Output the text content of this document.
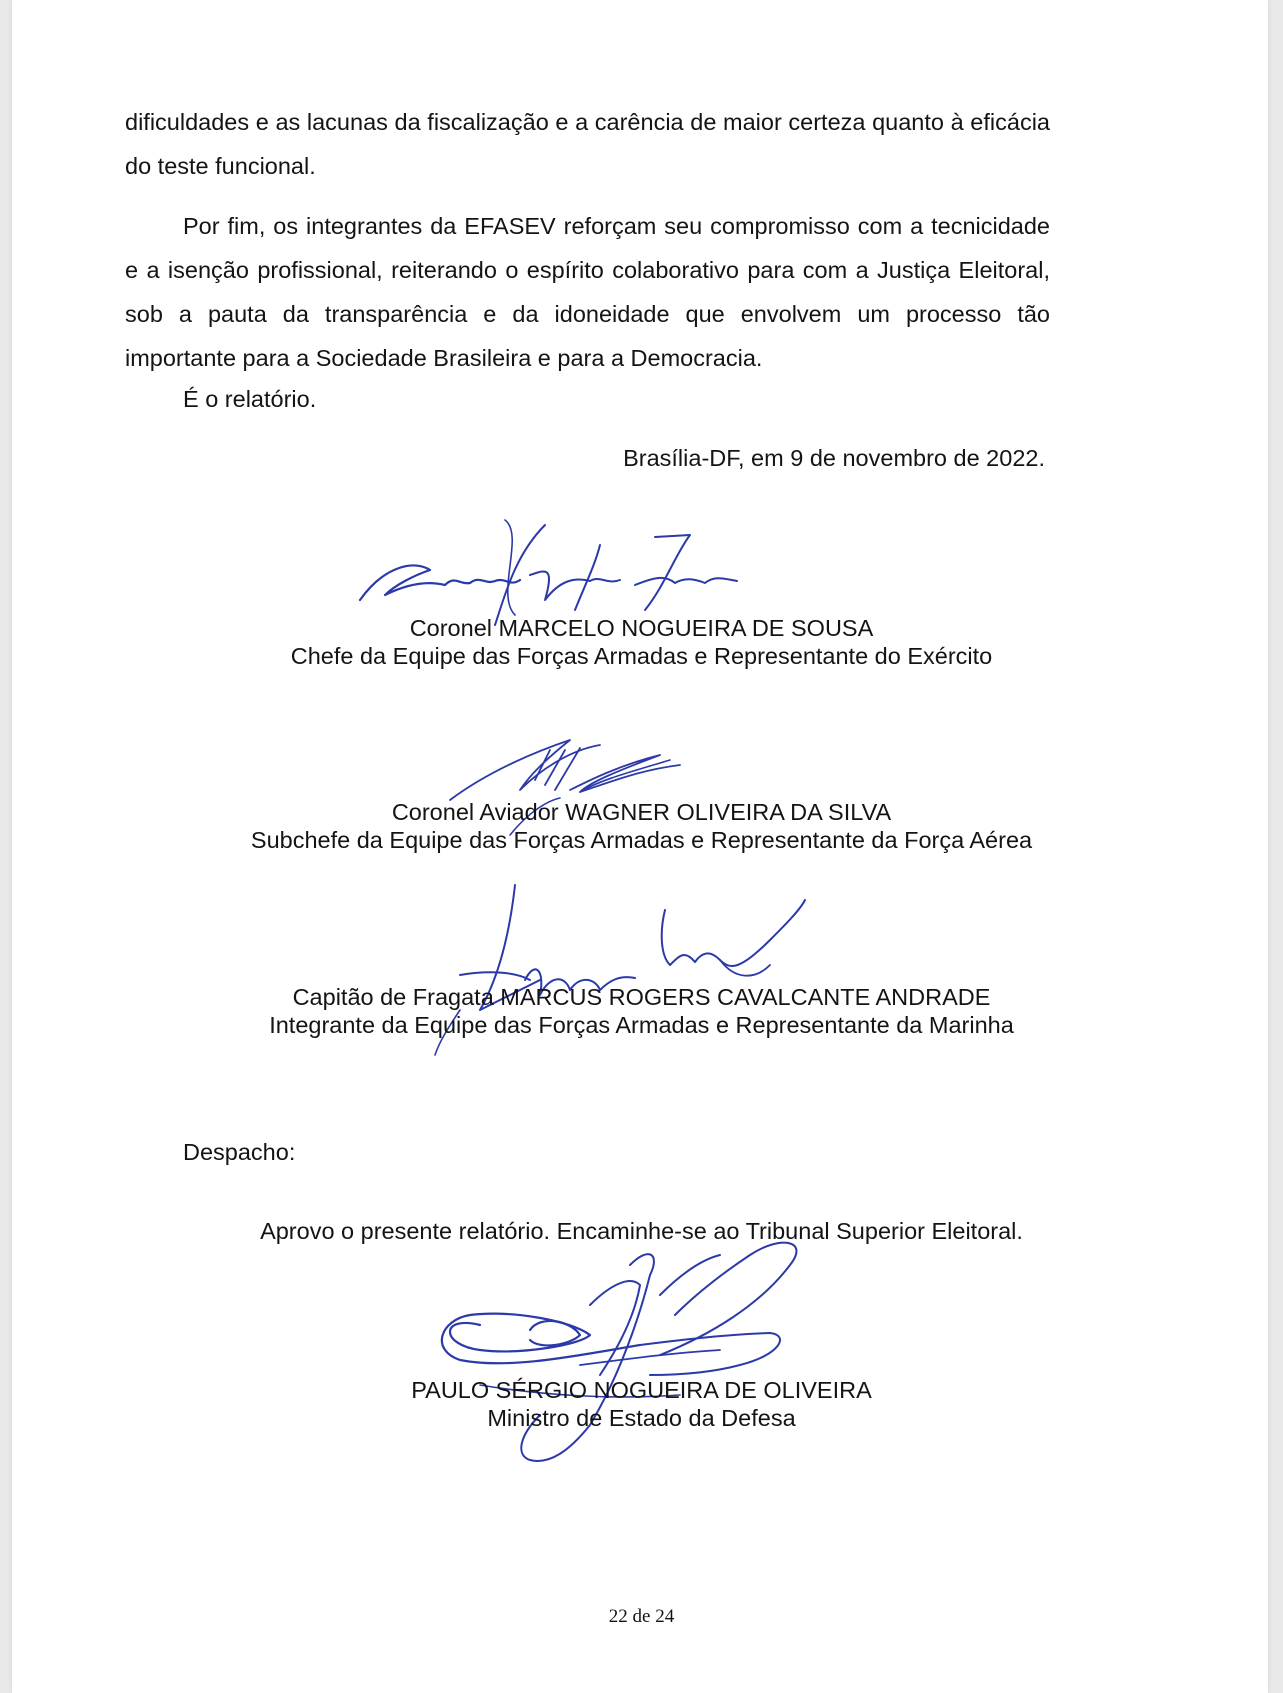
dificuldades e as lacunas da fiscalização e a carência de maior certeza quanto à eficácia do teste funcional.

Por fim, os integrantes da EFASEV reforçam seu compromisso com a tecnicidade e a isenção profissional, reiterando o espírito colaborativo para com a Justiça Eleitoral, sob a pauta da transparência e da idoneidade que envolvem um processo tão importante para a Sociedade Brasileira e para a Democracia.

É o relatório.

Brasília-DF, em 9 de novembro de 2022.

Coronel MARCELO NOGUEIRA DE SOUSA

Chefe da Equipe das Forças Armadas e Representante do Exército

Coronel Aviador WAGNER OLIVEIRA DA SILVA

Subchefe da Equipe das Forças Armadas e Representante da Força Aérea

Capitão de Fragata MARCUS ROGERS CAVALCANTE ANDRADE

Integrante da Equipe das Forças Armadas e Representante da Marinha

Despacho:

Aprovo o presente relatório. Encaminhe-se ao Tribunal Superior Eleitoral.

PAULO SÉRGIO NOGUEIRA DE OLIVEIRA

Ministro de Estado da Defesa

22 de 24
